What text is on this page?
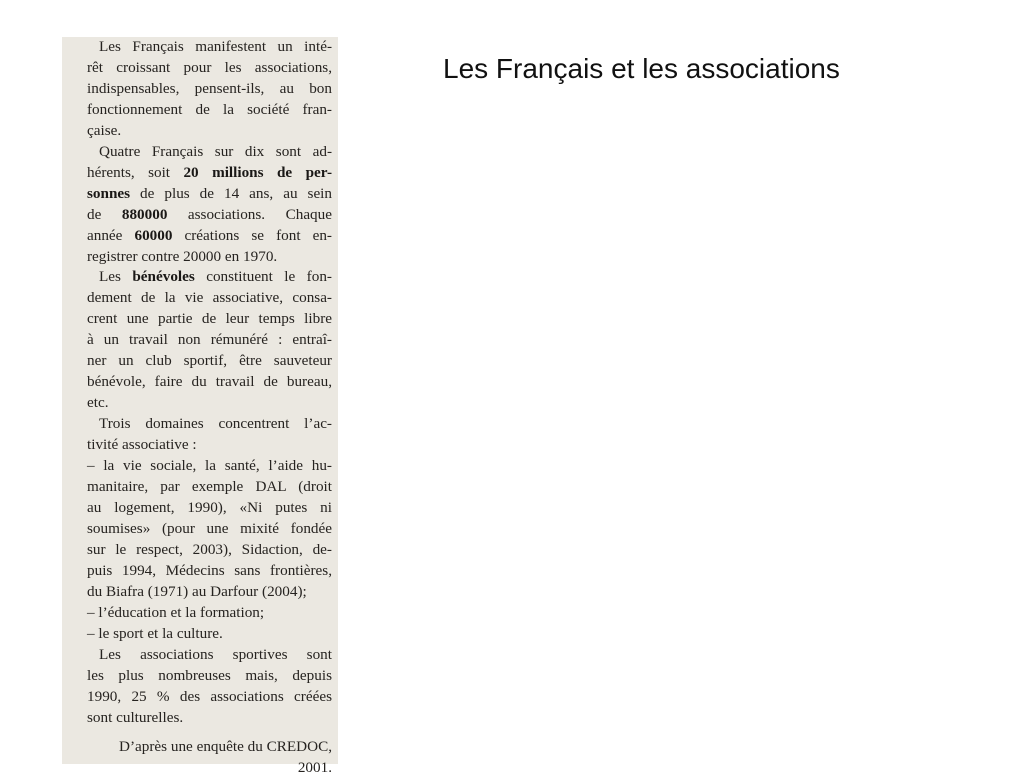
Les Français et les associations
Les Français manifestent un inté-
rêt croissant pour les associations,
indispensables, pensent-ils, au bon
fonctionnement de la société fran-
çaise.
Quatre Français sur dix sont ad-
hérents, soit 20 millions de per-
sonnes de plus de 14 ans, au sein
de 880000 associations. Chaque
année 60000 créations se font en-
registrer contre 20000 en 1970.
Les bénévoles constituent le fon-
dement de la vie associative, consa-
crent une partie de leur temps libre
à un travail non rémunéré : entraî-
ner un club sportif, être sauveteur
bénévole, faire du travail de bureau,
etc.
Trois domaines concentrent l’ac-
tivité associative :
– la vie sociale, la santé, l’aide hu-
manitaire, par exemple DAL (droit
au logement, 1990), «Ni putes ni
soumises» (pour une mixité fondée
sur le respect, 2003), Sidaction, de-
puis 1994, Médecins sans frontières,
du Biafra (1971) au Darfour (2004);
– l’éducation et la formation;
– le sport et la culture.
Les associations sportives sont
les plus nombreuses mais, depuis
1990, 25 % des associations créées
sont culturelles.
D’après une enquête du CREDOC,
2001.
